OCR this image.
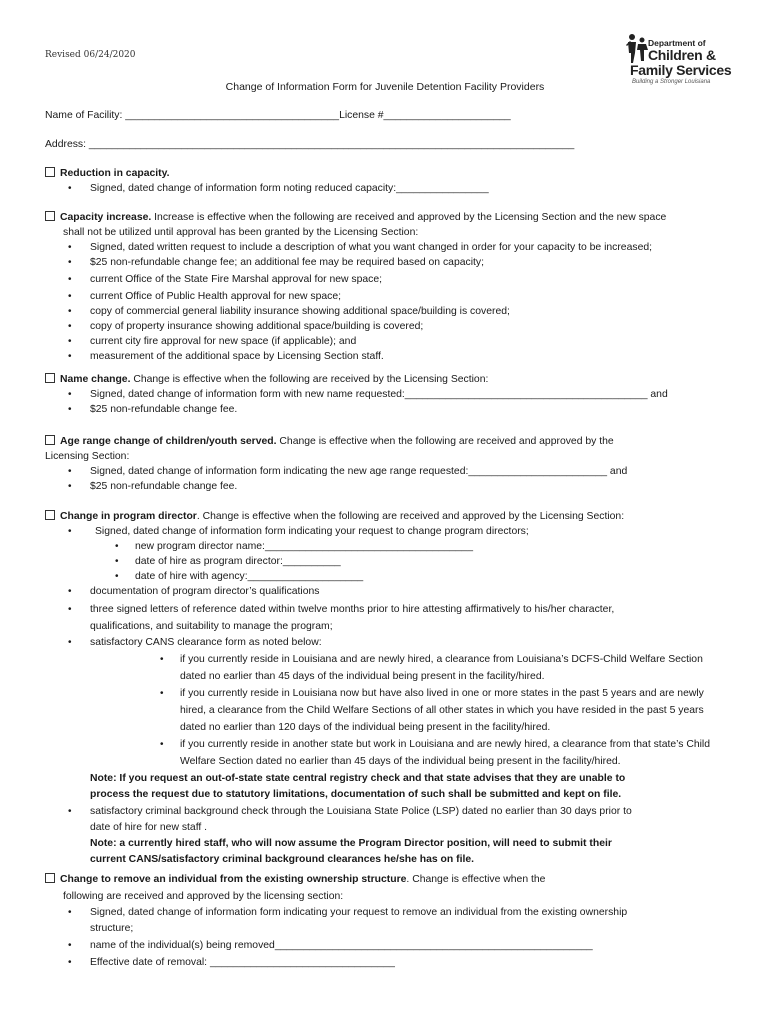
Revised 06/24/2020
Department of
Children &
Family Services
Building a Stronger Louisiana
Change of Information Form for Juvenile Detention Facility Providers
Name of Facility: _____________________________________License #______________________
Address: ____________________________________________________________________________________
Reduction in capacity.
• Signed, dated change of information form noting reduced capacity:________________
Capacity increase. Increase is effective when the following are received and approved by the Licensing Section and the new space
shall not be utilized until approval has been granted by the Licensing Section:
• Signed, dated written request to include a description of what you want changed in order for your capacity to be increased;
• $25 non-refundable change fee; an additional fee may be required based on capacity;
• current Office of the State Fire Marshal approval for new space;
• current Office of Public Health approval for new space;
• copy of commercial general liability insurance showing additional space/building is covered;
• copy of property insurance showing additional space/building is covered;
• current city fire approval for new space (if applicable); and
• measurement of the additional space by Licensing Section staff.
Name change. Change is effective when the following are received by the Licensing Section:
• Signed, dated change of information form with new name requested:__________________________________________ and
• $25 non-refundable change fee.
Age range change of children/youth served. Change is effective when the following are received and approved by the
Licensing Section:
• Signed, dated change of information form indicating the new age range requested:________________________ and
• $25 non-refundable change fee.
Change in program director. Change is effective when the following are received and approved by the Licensing Section:
• Signed, dated change of information form indicating your request to change program directors;
• new program director name:____________________________________
• date of hire as program director:__________
• date of hire with agency:____________________
• documentation of program director’s qualifications
• three signed letters of reference dated within twelve months prior to hire attesting affirmatively to his/her character,
qualifications, and suitability to manage the program;
• satisfactory CANS clearance form as noted below:
• if you currently reside in Louisiana and are newly hired, a clearance from Louisiana’s DCFS-Child Welfare Section
dated no earlier than 45 days of the individual being present in the facility/hired.
• if you currently reside in Louisiana now but have also lived in one or more states in the past 5 years and are newly
hired, a clearance from the Child Welfare Sections of all other states in which you have resided in the past 5 years
dated no earlier than 120 days of the individual being present in the facility/hired.
• if you currently reside in another state but work in Louisiana and are newly hired, a clearance from that state’s Child
Welfare Section dated no earlier than 45 days of the individual being present in the facility/hired.
Note: If you request an out-of-state state central registry check and that state advises that they are unable to
process the request due to statutory limitations, documentation of such shall be submitted and kept on file.
• satisfactory criminal background check through the Louisiana State Police (LSP) dated no earlier than 30 days prior to
date of hire for new staff .
Note: a currently hired staff, who will now assume the Program Director position, will need to submit their
current CANS/satisfactory criminal background clearances he/she has on file.
Change to remove an individual from the existing ownership structure. Change is effective when the
following are received and approved by the licensing section:
• Signed, dated change of information form indicating your request to remove an individual from the existing ownership
structure;
• name of the individual(s) being removed_______________________________________________________
• Effective date of removal: ________________________________
